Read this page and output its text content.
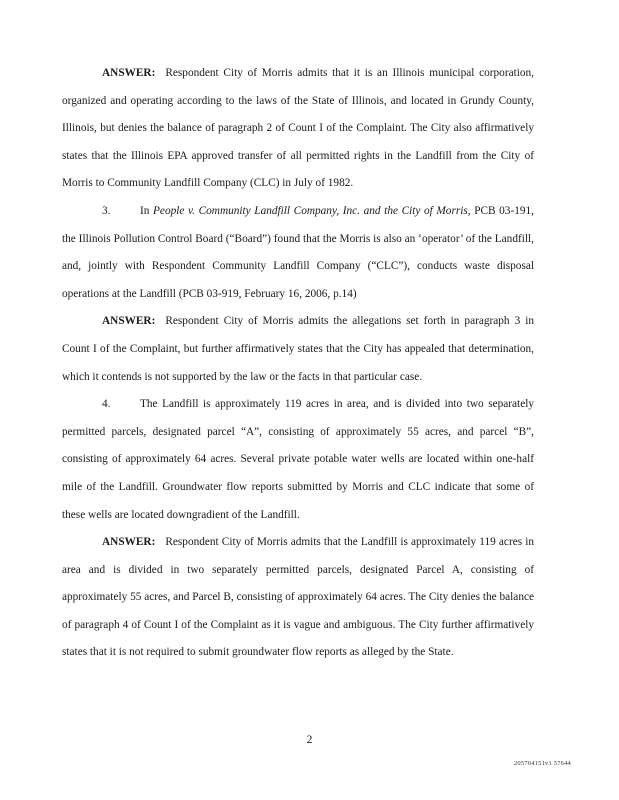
ANSWER: Respondent City of Morris admits that it is an Illinois municipal corporation, organized and operating according to the laws of the State of Illinois, and located in Grundy County, Illinois, but denies the balance of paragraph 2 of Count I of the Complaint. The City also affirmatively states that the Illinois EPA approved transfer of all permitted rights in the Landfill from the City of Morris to Community Landfill Company (CLC) in July of 1982.

3.	In People v. Community Landfill Company, Inc. and the City of Morris, PCB 03-191, the Illinois Pollution Control Board (“Board”) found that the Morris is also an ‘operator’ of the Landfill, and, jointly with Respondent Community Landfill Company (“CLC”), conducts waste disposal operations at the Landfill (PCB 03-919, February 16, 2006, p.14)

ANSWER: Respondent City of Morris admits the allegations set forth in paragraph 3 in Count I of the Complaint, but further affirmatively states that the City has appealed that determination, which it contends is not supported by the law or the facts in that particular case.

4.	The Landfill is approximately 119 acres in area, and is divided into two separately permitted parcels, designated parcel “A”, consisting of approximately 55 acres, and parcel “B”, consisting of approximately 64 acres. Several private potable water wells are located within one-half mile of the Landfill. Groundwater flow reports submitted by Morris and CLC indicate that some of these wells are located downgradient of the Landfill.

ANSWER: Respondent City of Morris admits that the Landfill is approximately 119 acres in area and is divided in two separately permitted parcels, designated Parcel A, consisting of approximately 55 acres, and Parcel B, consisting of approximately 64 acres. The City denies the balance of paragraph 4 of Count I of the Complaint as it is vague and ambiguous. The City further affirmatively states that it is not required to submit groundwater flow reports as alleged by the State.

2
205704151v1 57644
